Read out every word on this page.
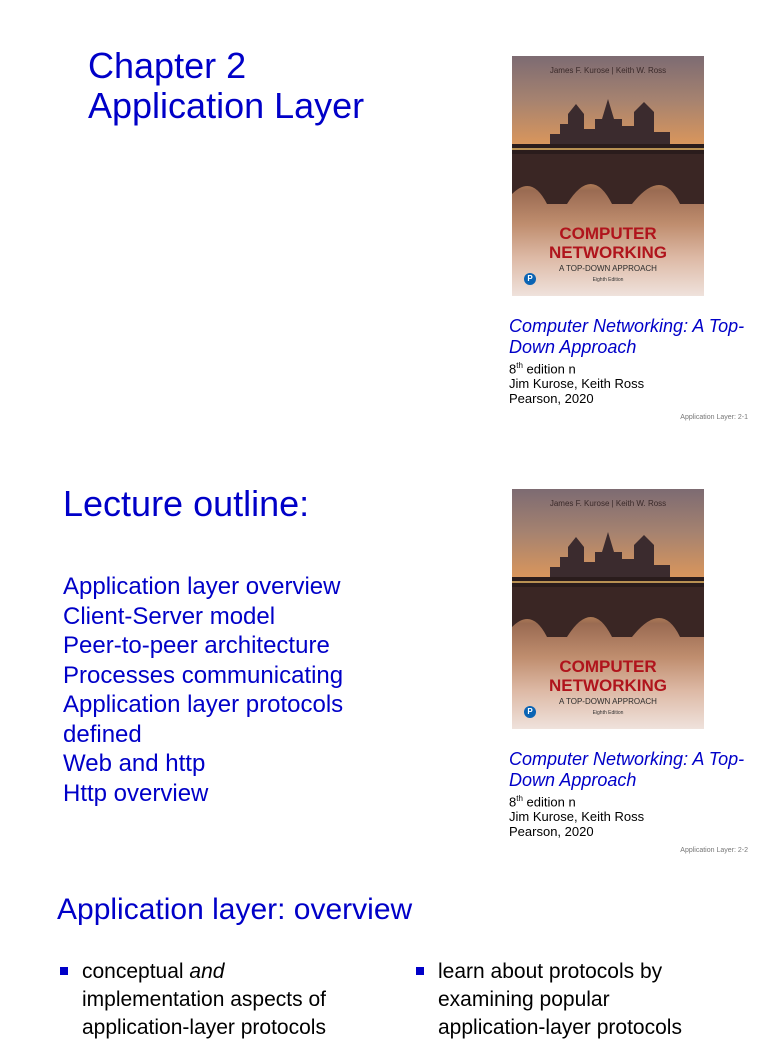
Chapter 2
Application Layer
James F. Kurose | Keith W. Ross
COMPUTER
NETWORKING
A TOP-DOWN APPROACH
Eighth Edition
P

Computer Networking: A Top-Down Approach

8th edition n

Jim Kurose, Keith Ross

Pearson, 2020

Application Layer: 2-1
Lecture outline:
Application layer overview
Client-Server model
Peer-to-peer architecture
Processes communicating
Application layer protocols defined
Web and http
Http overview
James F. Kurose | Keith W. Ross
COMPUTER
NETWORKING
A TOP-DOWN APPROACH
Eighth Edition
P

Computer Networking: A Top-Down Approach

8th edition n

Jim Kurose, Keith Ross

Pearson, 2020

Application Layer: 2-2
Application layer: overview
conceptual and implementation aspects of application-layer protocols
learn about protocols by examining popular application-layer protocols
